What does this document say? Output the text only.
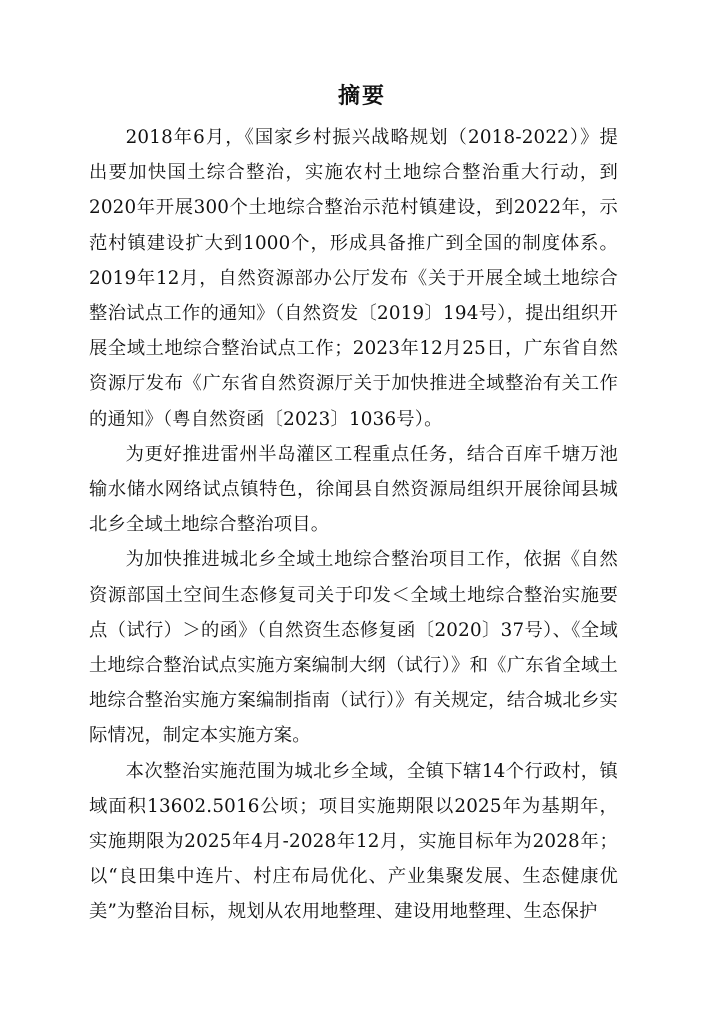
摘要

2018年6月，《国家乡村振兴战略规划（2018-2022）》提出要加快国土综合整治，实施农村土地综合整治重大行动，到2020年开展300个土地综合整治示范村镇建设，到2022年，示范村镇建设扩大到1000个，形成具备推广到全国的制度体系。2019年12月，自然资源部办公厅发布《关于开展全域土地综合整治试点工作的通知》（自然资发〔2019〕194号），提出组织开展全域土地综合整治试点工作；2023年12月25日，广东省自然资源厅发布《广东省自然资源厅关于加快推进全域整治有关工作的通知》（粤自然资函〔2023〕1036号）。

为更好推进雷州半岛灌区工程重点任务，结合百库千塘万池输水储水网络试点镇特色，徐闻县自然资源局组织开展徐闻县城北乡全域土地综合整治项目。

为加快推进城北乡全域土地综合整治项目工作，依据《自然资源部国土空间生态修复司关于印发＜全域土地综合整治实施要点（试行）＞的函》（自然资生态修复函〔2020〕37号）、《全域土地综合整治试点实施方案编制大纲（试行）》和《广东省全域土地综合整治实施方案编制指南（试行）》有关规定，结合城北乡实际情况，制定本实施方案。

本次整治实施范围为城北乡全域，全镇下辖14个行政村，镇域面积13602.5016公顷；项目实施期限以2025年为基期年，实施期限为2025年4月-2028年12月，实施目标年为2028年；以“良田集中连片、村庄布局优化、产业集聚发展、生态健康优美”为整治目标，规划从农用地整理、建设用地整理、生态保护
